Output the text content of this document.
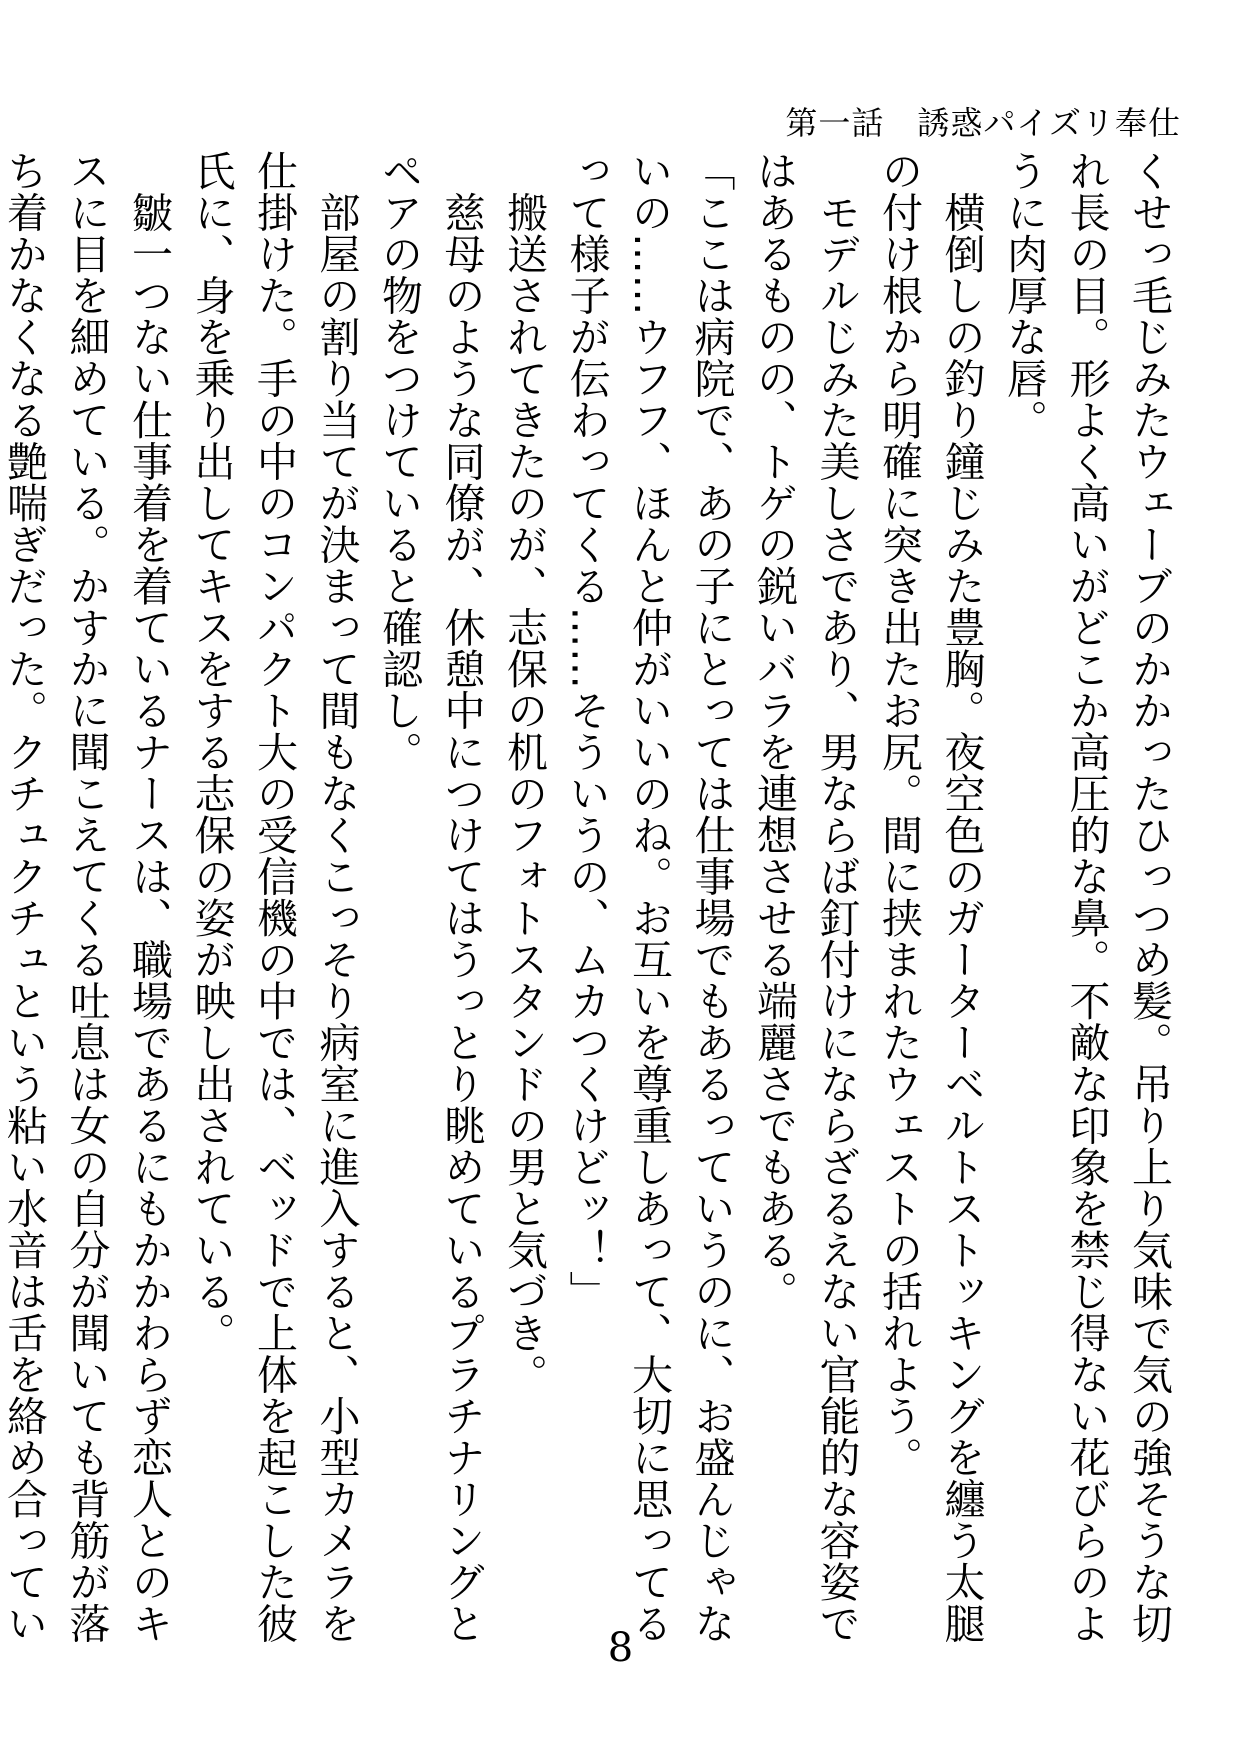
第一話　誘惑パイズリ奉仕

くせっ毛じみたウェーブのかかったひっつめ髪。吊り上り気味で気の強そうな切れ長の目。形よく高いがどこか高圧的な鼻。不敵な印象を禁じ得ない花びらのように肉厚な唇。

　横倒しの釣り鐘じみた豊胸。夜空色のガーターベルトストッキングを纏う太腿の付け根から明確に突き出たお尻。間に挟まれたウェストの括れよう。

　モデルじみた美しさであり、男ならば釘付けにならざるえない官能的な容姿ではあるものの、トゲの鋭いバラを連想させる端麗さでもある。

「ここは病院で、あの子にとっては仕事場でもあるっていうのに、お盛んじゃないの……ウフフ、ほんと仲がいいのね。お互いを尊重しあって、大切に思ってるって様子が伝わってくる……そういうの、ムカつくけどッ！」

　搬送されてきたのが、志保の机のフォトスタンドの男と気づき。

　慈母のような同僚が、休憩中につけてはうっとり眺めているプラチナリングとペアの物をつけていると確認し。

　部屋の割り当てが決まって間もなくこっそり病室に進入すると、小型カメラを仕掛けた。手の中のコンパクト大の受信機の中では、ベッドで上体を起こした彼氏に、身を乗り出してキスをする志保の姿が映し出されている。

　皺一つない仕事着を着ているナースは、職場であるにもかかわらず恋人とのキスに目を細めている。かすかに聞こえてくる吐息は女の自分が聞いても背筋が落ち着かなくなる艶喘ぎだった。クチュクチュという粘い水音は舌を絡め合ってい

8
